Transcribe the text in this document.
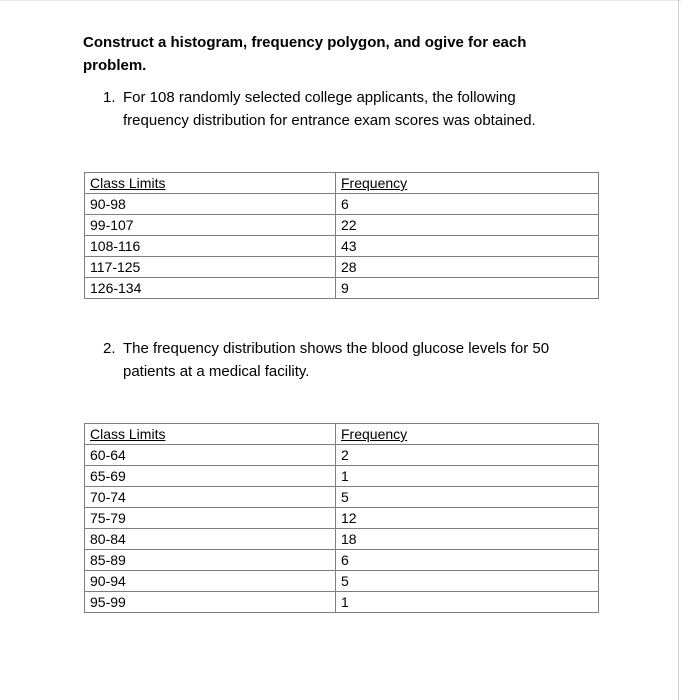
Construct a histogram, frequency polygon, and ogive for each problem.

1. For 108 randomly selected college applicants, the following
frequency distribution for entrance exam scores was obtained.
Class Limits	Frequency
90-98	6
99-107	22
108-116	43
117-125	28
126-134	9
2. The frequency distribution shows the blood glucose levels for 50
patients at a medical facility.
Class Limits	Frequency
60-64	2
65-69	1
70-74	5
75-79	12
80-84	18
85-89	6
90-94	5
95-99	1
